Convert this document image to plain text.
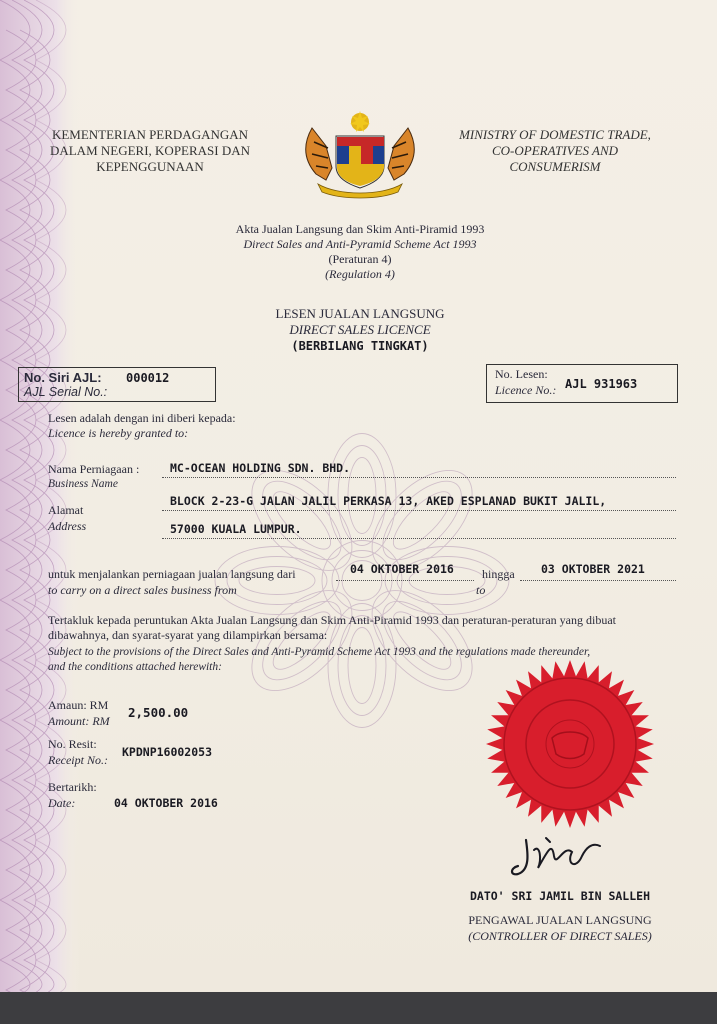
KEMENTERIAN PERDAGANGAN
DALAM NEGERI, KOPERASI DAN
KEPENGGUNAAN
MINISTRY OF DOMESTIC TRADE,
CO-OPERATIVES AND
CONSUMERISM
Akta Jualan Langsung dan Skim Anti-Piramid 1993
Direct Sales and Anti-Pyramid Scheme Act 1993
(Peraturan 4)
(Regulation 4)
LESEN JUALAN LANGSUNG
DIRECT SALES LICENCE
(BERBILANG TINGKAT)
No. Siri AJL: 000012
AJL Serial No.:
No. Lesen:
Licence No.: AJL 931963
Lesen adalah dengan ini diberi kepada:
Licence is hereby granted to:
Nama Perniagaan :
Business Name
MC-OCEAN HOLDING SDN. BHD.
Alamat
Address
BLOCK 2-23-G JALAN JALIL PERKASA 13, AKED ESPLANAD BUKIT JALIL,
57000 KUALA LUMPUR.
untuk menjalankan perniagaan jualan langsung dari	04 OKTOBER 2016 hingga 03 OKTOBER 2021
to carry on a direct sales business from	to
Tertakluk kepada peruntukan Akta Jualan Langsung dan Skim Anti-Piramid 1993 dan peraturan-peraturan yang dibuat
dibawahnya, dan syarat-syarat yang dilampirkan bersama:
Subject to the provisions of the Direct Sales and Anti-Pyramid Scheme Act 1993 and the regulations made thereunder,
and the conditions attached herewith:
Amaun: RM
Amount: RM
2,500.00
No. Resit:
Receipt No.:
KPDNP16002053
Bertarikh:
Date:	04 OKTOBER 2016
DATO' SRI JAMIL BIN SALLEH
PENGAWAL JUALAN LANGSUNG
(CONTROLLER OF DIRECT SALES)
